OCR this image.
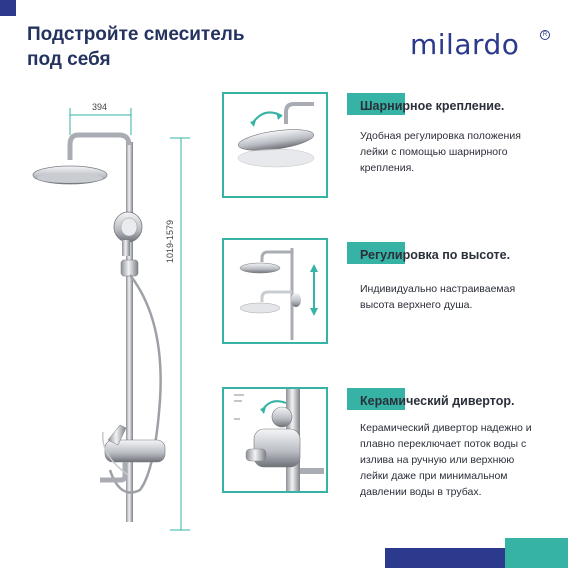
Подстройте смеситель
под себя	milardo	R
394
1019-1579
Шарнирное крепление.
Удобная регулировка положения лейки с помощью шарнирного крепления.
Регулировка по высоте.
Индивидуально настраиваемая высота верхнего душа.
Керамический дивертор.
Керамический дивертор надежно и плавно переключает поток воды с излива на ручную или верхнюю лейки даже при минимальном давлении воды в трубах.
